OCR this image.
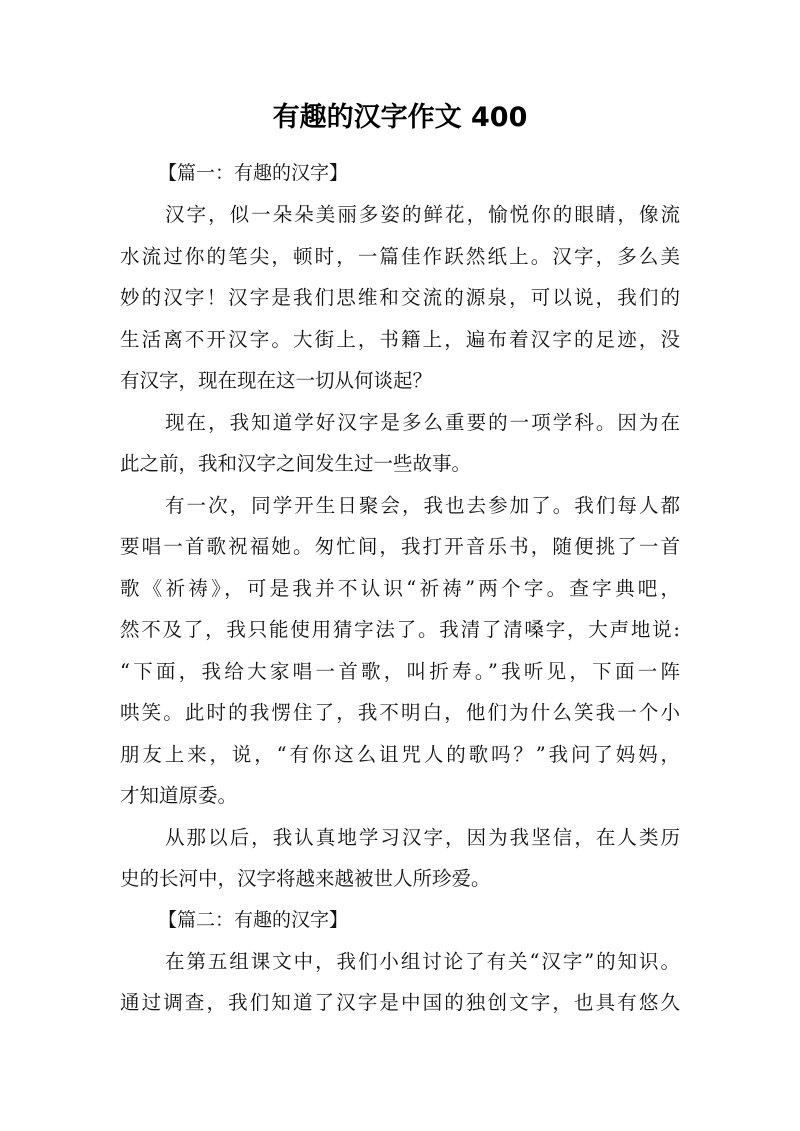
有趣的汉字作文 400
【篇一：有趣的汉字】
汉字，似一朵朵美丽多姿的鲜花，愉悦你的眼睛，像流
水流过你的笔尖，顿时，一篇佳作跃然纸上。汉字，多么美
妙的汉字！汉字是我们思维和交流的源泉，可以说，我们的
生活离不开汉字。大街上，书籍上，遍布着汉字的足迹，没
有汉字，现在现在这一切从何谈起？
现在，我知道学好汉字是多么重要的一项学科。因为在
此之前，我和汉字之间发生过一些故事。
有一次，同学开生日聚会，我也去参加了。我们每人都
要唱一首歌祝福她。匆忙间，我打开音乐书，随便挑了一首
歌《祈祷》，可是我并不认识“祈祷”两个字。查字典吧，
然不及了，我只能使用猜字法了。我清了清嗓字，大声地说:
“下面，我给大家唱一首歌，叫折寿。”我听见，下面一阵
哄笑。此时的我愣住了，我不明白，他们为什么笑我一个小
朋友上来，说，“有你这么诅咒人的歌吗？”我问了妈妈，
才知道原委。
从那以后，我认真地学习汉字，因为我坚信，在人类历
史的长河中，汉字将越来越被世人所珍爱。
【篇二：有趣的汉字】
在第五组课文中，我们小组讨论了有关“汉字”的知识。
通过调查，我们知道了汉字是中国的独创文字，也具有悠久
